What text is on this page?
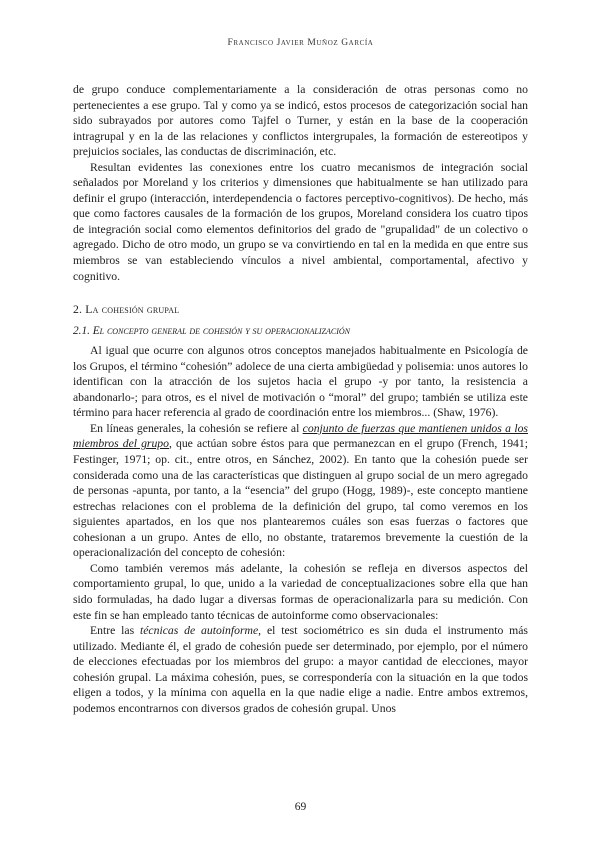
Francisco Javier Muñoz García

de grupo conduce complementariamente a la consideración de otras personas como no pertenecientes a ese grupo. Tal y como ya se indicó, estos procesos de categorización social han sido subrayados por autores como Tajfel o Turner, y están en la base de la cooperación intragrupal y en la de las relaciones y conflictos intergrupales, la formación de estereotipos y prejuicios sociales, las conductas de discriminación, etc.

Resultan evidentes las conexiones entre los cuatro mecanismos de integración social señalados por Moreland y los criterios y dimensiones que habitualmente se han utilizado para definir el grupo (interacción, interdependencia o factores perceptivo-cognitivos). De hecho, más que como factores causales de la formación de los grupos, Moreland considera los cuatro tipos de integración social como elementos definitorios del grado de "grupalidad" de un colectivo o agregado. Dicho de otro modo, un grupo se va convirtiendo en tal en la medida en que entre sus miembros se van estableciendo vínculos a nivel ambiental, comportamental, afectivo y cognitivo.

2. La cohesión grupal
2.1. El concepto general de cohesión y su operacionalización

Al igual que ocurre con algunos otros conceptos manejados habitualmente en Psicología de los Grupos, el término “cohesión” adolece de una cierta ambigüedad y polisemia: unos autores lo identifican con la atracción de los sujetos hacia el grupo -y por tanto, la resistencia a abandonarlo-; para otros, es el nivel de motivación o “moral” del grupo; también se utiliza este término para hacer referencia al grado de coordinación entre los miembros... (Shaw, 1976).

En líneas generales, la cohesión se refiere al conjunto de fuerzas que mantienen unidos a los miembros del grupo, que actúan sobre éstos para que permanezcan en el grupo (French, 1941; Festinger, 1971; op. cit., entre otros, en Sánchez, 2002). En tanto que la cohesión puede ser considerada como una de las características que distinguen al grupo social de un mero agregado de personas -apunta, por tanto, a la “esencia” del grupo (Hogg, 1989)-, este concepto mantiene estrechas relaciones con el problema de la definición del grupo, tal como veremos en los siguientes apartados, en los que nos plantearemos cuáles son esas fuerzas o factores que cohesionan a un grupo. Antes de ello, no obstante, trataremos brevemente la cuestión de la operacionalización del concepto de cohesión:

Como también veremos más adelante, la cohesión se refleja en diversos aspectos del comportamiento grupal, lo que, unido a la variedad de conceptualizaciones sobre ella que han sido formuladas, ha dado lugar a diversas formas de operacionalizarla para su medición. Con este fin se han empleado tanto técnicas de autoinforme como observacionales:

Entre las técnicas de autoinforme, el test sociométrico es sin duda el instrumento más utilizado. Mediante él, el grado de cohesión puede ser determinado, por ejemplo, por el número de elecciones efectuadas por los miembros del grupo: a mayor cantidad de elecciones, mayor cohesión grupal. La máxima cohesión, pues, se correspondería con la situación en la que todos eligen a todos, y la mínima con aquella en la que nadie elige a nadie. Entre ambos extremos, podemos encontrarnos con diversos grados de cohesión grupal. Unos

69
